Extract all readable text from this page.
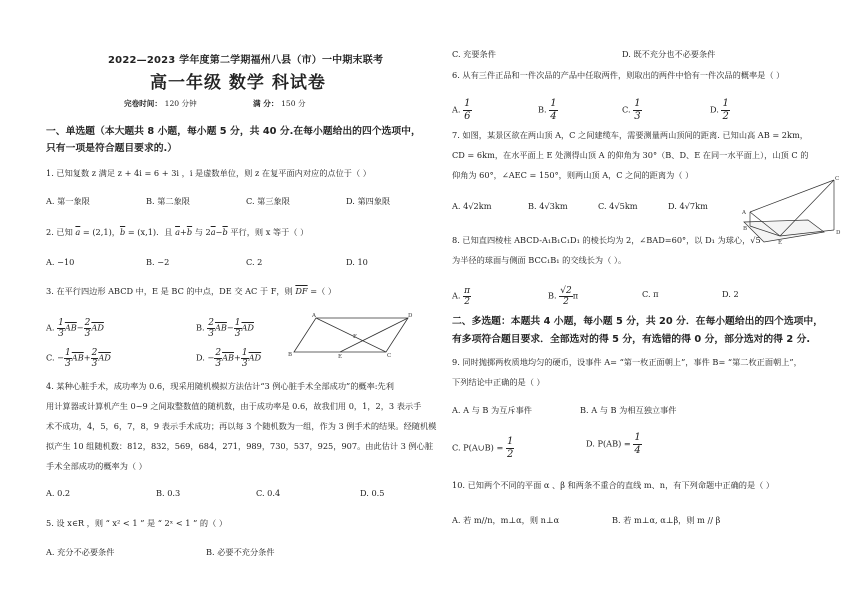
2022—2023 学年度第二学期福州八县（市）一中期末联考
高一年级 数学 科试卷
完卷时间： 120 分钟	满 分： 150 分
一、单选题（本大题共 8 小题，每小题 5 分，共 40 分.在每小题给出的四个选项中，
只有一项是符合题目要求的.）
1. 已知复数 z 满足 z + 4i = 6 + 3i ，i 是虚数单位，则 z 在复平面内对应的点位于（ ）
A. 第一象限	B. 第二象限	C. 第三象限	D. 第四象限
2. 已知 $\overline{a} = (2,1)$，$\overline{b} = (x,1)$．且 $\overline{a}+\overline{b}$ 与 $2\overline{a}-\overline{b}$ 平行，则 x 等于（ ）
A. −10	B. −2	C. 2	D. 10
3. 在平行四边形 ABCD 中，E 是 BC 的中点，DE 交 AC 于 F，则 $\overline{DF}$ =（ ）
A. $\frac{1}{3} \overline{AB}- \frac{2}{3} \overline{AD}$	B. $\frac{2}{3} \overline{AB}- \frac{1}{3} \overline{AD}$
C. − $\frac{1}{3} \overline{AB}+ \frac{2}{3} \overline{AD}$	D. − $\frac{2}{3} \overline{AB}+ \frac{1}{3} \overline{AD}$
A	D
B	C
E
F
4. 某种心脏手术，成功率为 0.6，现采用随机模拟方法估计“3 例心脏手术全部成功”的概率:先利
用计算器或计算机产生 0~9 之间取整数值的随机数，由于成功率是 0.6，故我们用 0，1，2，3 表示手
术不成功，4，5，6，7，8，9 表示手术成功；再以每 3 个随机数为一组，作为 3 例手术的结果。经随机模
拟产生 10 组随机数：812，832，569，684，271，989，730，537，925，907。由此估计 3 例心脏
手术全部成功的概率为（ ）
A. 0.2	B. 0.3	C. 0.4	D. 0.5
5. 设 x∈R ，则 “ x² < 1 ” 是 “ 2ˣ < 1 ” 的（ ）
A. 充分不必要条件	B. 必要不充分条件
C. 充要条件	D. 既不充分也不必要条件
6. 从有三件正品和一件次品的产品中任取两件，则取出的两件中恰有一件次品的概率是（ ）
A. $\frac{1}{6}$	B. $\frac{1}{4}$	C. $\frac{1}{3}$	D. $\frac{1}{2}$
7. 如图，某景区欲在两山顶 A，C 之间建缆车，需要测量两山顶间的距离. 已知山高 AB = 2km，
CD = 6km，在水平面上 E 处测得山顶 A 的仰角为 30°（B、D、E 在同一水平面上），山顶 C 的
仰角为 60°，∠AEC = 150°，则两山顶 A，C 之间的距离为（ ）
A. 4√2km	B. 4√3km	C. 4√5km	D. 4√7km
A
B
C
D
E
8. 已知直四棱柱 ABCD-A₁B₁C₁D₁ 的棱长均为 2，∠BAD=60°，以 D₁ 为球心，√5
为半径的球面与侧面 BCC₁B₁ 的交线长为（ ）。
A. $\frac{\pi}{2}$	B. $\frac{√2}{2}$ π	C. π	D. 2
二、多选题：本题共 4 小题，每小题 5 分，共 20 分．在每小题给出的四个选项中，
有多项符合题目要求．全部选对的得 5 分，有选错的得 0 分，部分选对的得 2 分.
9. 同时抛掷两枚质地均匀的硬币，设事件 A= “第一枚正面朝上”，事件 B= “第二枚正面朝上”，
下列结论中正确的是（ ）
A. A 与 B 为互斥事件	B. A 与 B 为相互独立事件
C. P(A∪B) = $\frac{1}{2}$	D. $P(AB) = \frac{1}{4}$
10. 已知两个不同的平面 α 、β 和两条不重合的直线 m、n，有下列命题中正确的是（ ）
A. 若 m//n，m⊥α，则 n⊥α	B. 若 m⊥α, α⊥β，则 m // β
